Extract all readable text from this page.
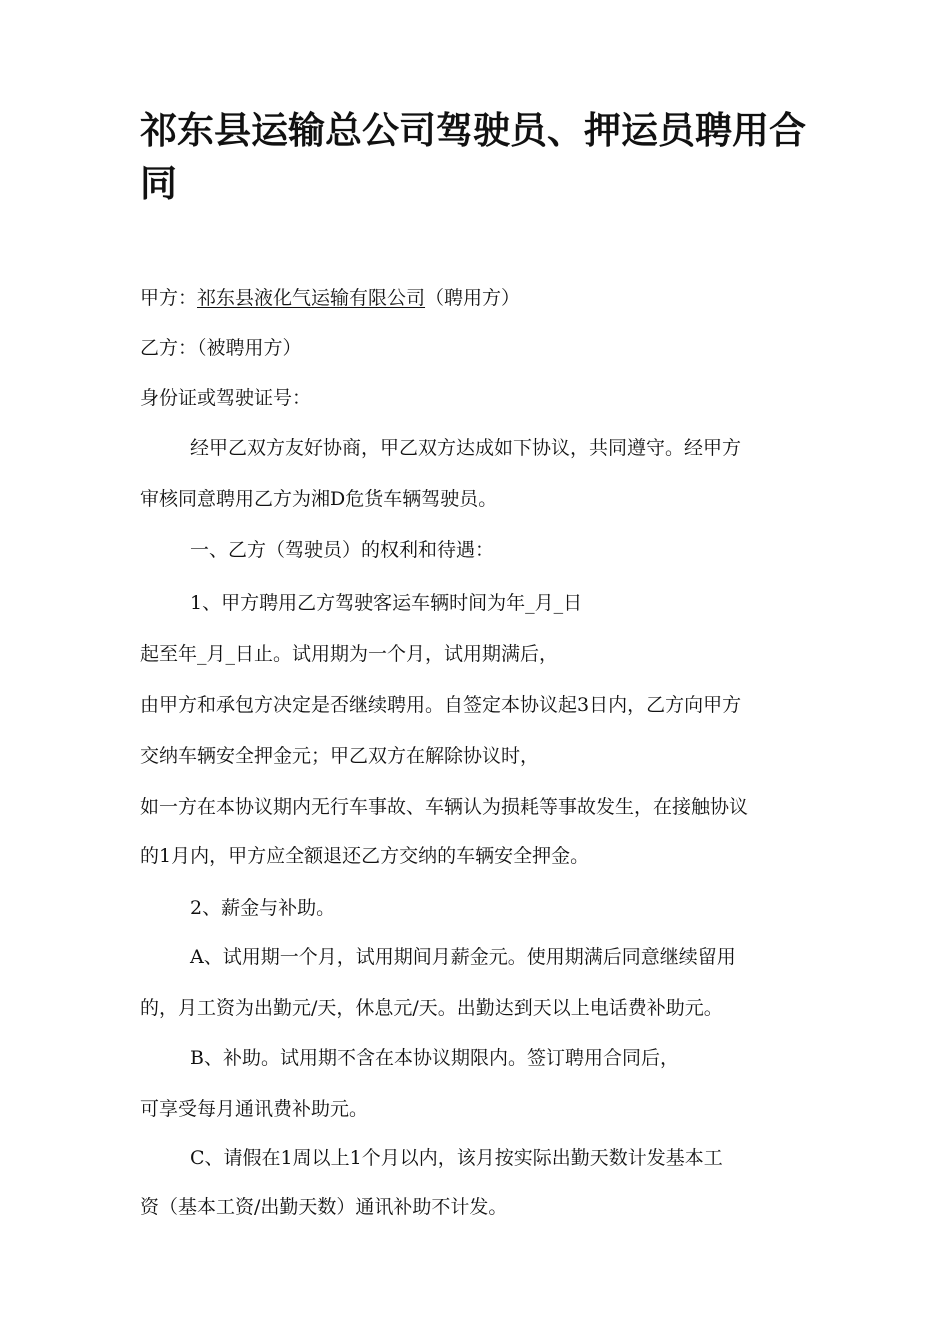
祁东县运输总公司驾驶员、押运员聘用合同

甲方：祁东县液化气运输有限公司（聘用方）

乙方：（被聘用方）

身份证或驾驶证号：

经甲乙双方友好协商，甲乙双方达成如下协议，共同遵守。经甲方

审核同意聘用乙方为湘D危货车辆驾驶员。

一、乙方（驾驶员）的权利和待遇：

1、甲方聘用乙方驾驶客运车辆时间为年_月_日

起至年_月_日止。试用期为一个月，试用期满后，

由甲方和承包方决定是否继续聘用。自签定本协议起3日内，乙方向甲方

交纳车辆安全押金元；甲乙双方在解除协议时，

如一方在本协议期内无行车事故、车辆认为损耗等事故发生，在接触协议

的1月内，甲方应全额退还乙方交纳的车辆安全押金。

2、薪金与补助。

A、试用期一个月，试用期间月薪金元。使用期满后同意继续留用

的，月工资为出勤元/天，休息元/天。出勤达到天以上电话费补助元。

B、补助。试用期不含在本协议期限内。签订聘用合同后，

可享受每月通讯费补助元。

C、请假在1周以上1个月以内，该月按实际出勤天数计发基本工

资（基本工资/出勤天数）通讯补助不计发。
